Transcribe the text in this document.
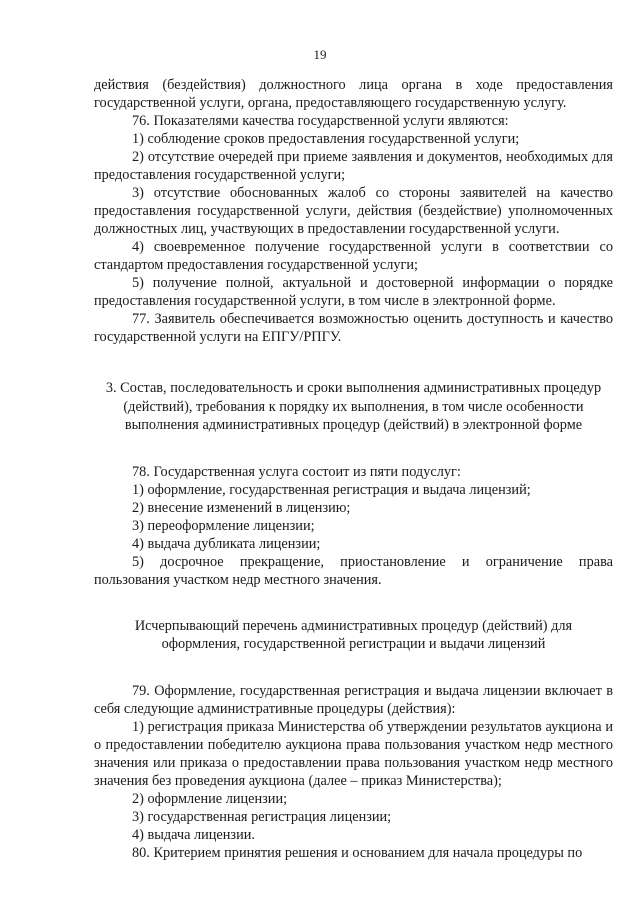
19

действия (бездействия) должностного лица органа в ходе предоставления государственной услуги, органа, предоставляющего государственную услугу.

76. Показателями качества государственной услуги являются:

1) соблюдение сроков предоставления государственной услуги;

2) отсутствие очередей при приеме заявления и документов, необходимых для предоставления государственной услуги;

3) отсутствие обоснованных жалоб со стороны заявителей на качество предоставления государственной услуги, действия (бездействие) уполномоченных должностных лиц, участвующих в предоставлении государственной услуги.

4) своевременное получение государственной услуги в соответствии со стандартом предоставления государственной услуги;

5) получение полной, актуальной и достоверной информации о порядке предоставления государственной услуги, в том числе в электронной форме.

77. Заявитель обеспечивается возможностью оценить доступность и качество государственной услуги на ЕПГУ/РПГУ.

3. Состав, последовательность и сроки выполнения административных процедур (действий), требования к порядку их выполнения, в том числе особенности выполнения административных процедур (действий) в электронной форме

78. Государственная услуга состоит из пяти подуслуг:

1) оформление, государственная регистрация и выдача лицензий;

2) внесение изменений в лицензию;

3) переоформление лицензии;

4) выдача дубликата лицензии;

5) досрочное прекращение, приостановление и ограничение права пользования участком недр местного значения.

Исчерпывающий перечень административных процедур (действий) для оформления, государственной регистрации и выдачи лицензий

79. Оформление, государственная регистрация и выдача лицензии включает в себя следующие административные процедуры (действия):

1) регистрация приказа Министерства об утверждении результатов аукциона и о предоставлении победителю аукциона права пользования участком недр местного значения или приказа о предоставлении права пользования участком недр местного значения без проведения аукциона (далее – приказ Министерства);

2) оформление лицензии;

3) государственная регистрация лицензии;

4) выдача лицензии.

80. Критерием принятия решения и основанием для начала процедуры по
